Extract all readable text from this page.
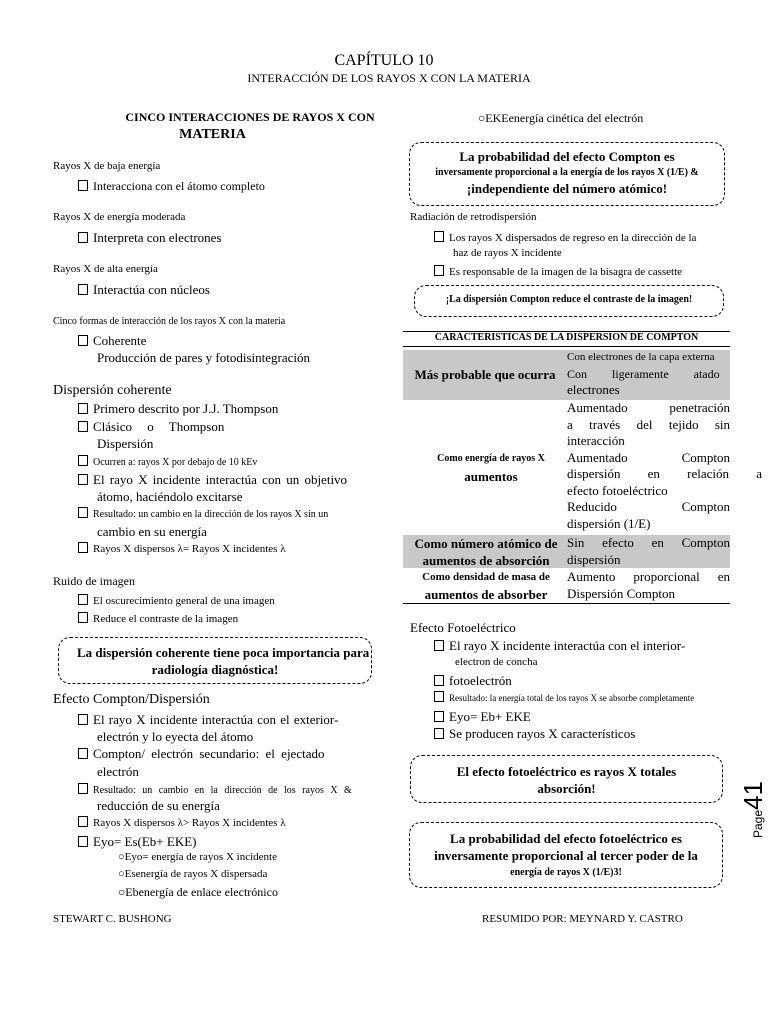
CAPÍTULO 10
INTERACCIÓN DE LOS RAYOS X CON LA MATERIA
CINCO INTERACCIONES DE RAYOS X CON
MATERIA
Rayos X de baja energía
Interacciona con el átomo completo
Rayos X de energía moderada
Interpreta con electrones
Rayos X de alta energía
Interactúa con núcleos
Cinco formas de interacción de los rayos X con la materia
Coherente
Producción de pares y fotodisintegración
Dispersión coherente
Primero descrito por J.J. Thompson
Clásico o Thompson
Dispersión
Ocurren a: rayos X por debajo de 10 kEv
El rayo X incidente interactúa con un objetivo
átomo, haciéndolo excitarse
Resultado: un cambio en la dirección de los rayos X sin un
cambio en su energía
Rayos X dispersos λ= Rayos X incidentes λ
Ruido de imagen
El oscurecimiento general de una imagen
Reduce el contraste de la imagen
La dispersión coherente tiene poca importancia para
radiología diagnóstica!
Efecto Compton/Dispersión
El rayo X incidente interactúa con el exterior-
electrón y lo eyecta del átomo
Compton/ electrón secundario: el ejectado
electrón
Resultado: un cambio en la dirección de los rayos X &
reducción de su energía
Rayos X dispersos λ> Rayos X incidentes λ
Eyo= Es(Eb+ EKE)
○Eyo= energía de rayos X incidente
○Esenergía de rayos X dispersada
○Ebenergía de enlace electrónico
○EKEenergía cinética del electrón
La probabilidad del efecto Compton es
inversamente proporcional a la energía de los rayos X (1/E) &
¡independiente del número atómico!
Radiación de retrodispersión
Los rayos X dispersados de regreso en la dirección de la
haz de rayos X incidente
Es responsable de la imagen de la bisagra de cassette
¡La dispersión Compton reduce el contraste de la imagen!
CARACTERISTICAS DE LA DISPERSION DE COMPTON
Más probable que ocurra
Con electrones de la capa externa
Con ligeramente atado
electrones
Como energía de rayos X
aumentos
Aumentado penetración
a través del tejido sin
interacción
Aumentado Compton
dispersión en relación a
efecto fotoeléctrico
Reducido Compton
dispersión (1/E)
Como número atómico de
aumentos de absorción
Sin efecto en Compton
dispersión
Como densidad de masa de
aumentos de absorber
Aumento proporcional en
Dispersión Compton
Efecto Fotoeléctrico
El rayo X incidente interactúa con el interior-
electron de concha
fotoelectrón
Resultado: la energía total de los rayos X se absorbe completamente
Eyo= Eb+ EKE
Se producen rayos X característicos
El efecto fotoeléctrico es rayos X totales
absorción!
La probabilidad del efecto fotoeléctrico es
inversamente proporcional al tercer poder de la
energía de rayos X (1/E)3!
Page41
STEWART C. BUSHONG	RESUMIDO POR: MEYNARD Y. CASTRO
